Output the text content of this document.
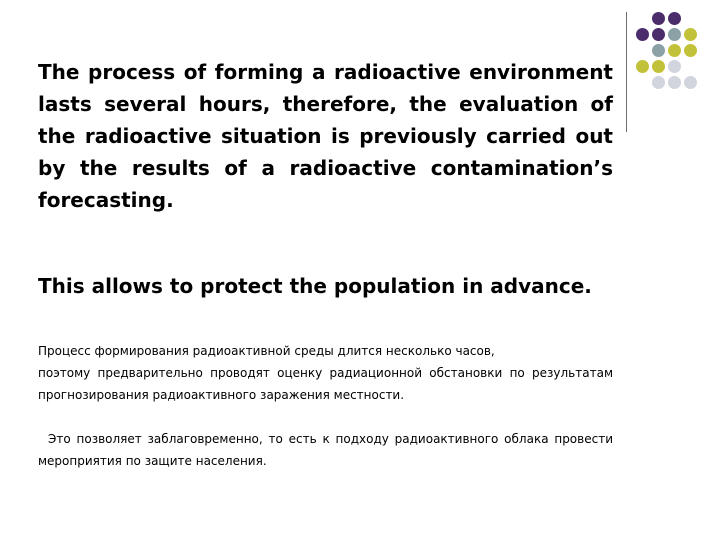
The process of forming a radioactive environment lasts several hours, therefore, the evaluation of the radioactive situation is previously carried out by the results of a radioactive contamination’s forecasting.

This allows to protect the population in advance.

Процесс формирования радиоактивной среды длится несколько часов,

поэтому предварительно проводят оценку радиационной обстановки по результатам прогнозирования радиоактивного заражения местности.

Это позволяет заблаговременно, то есть к подходу радиоактивного облака провести мероприятия по защите населения.
